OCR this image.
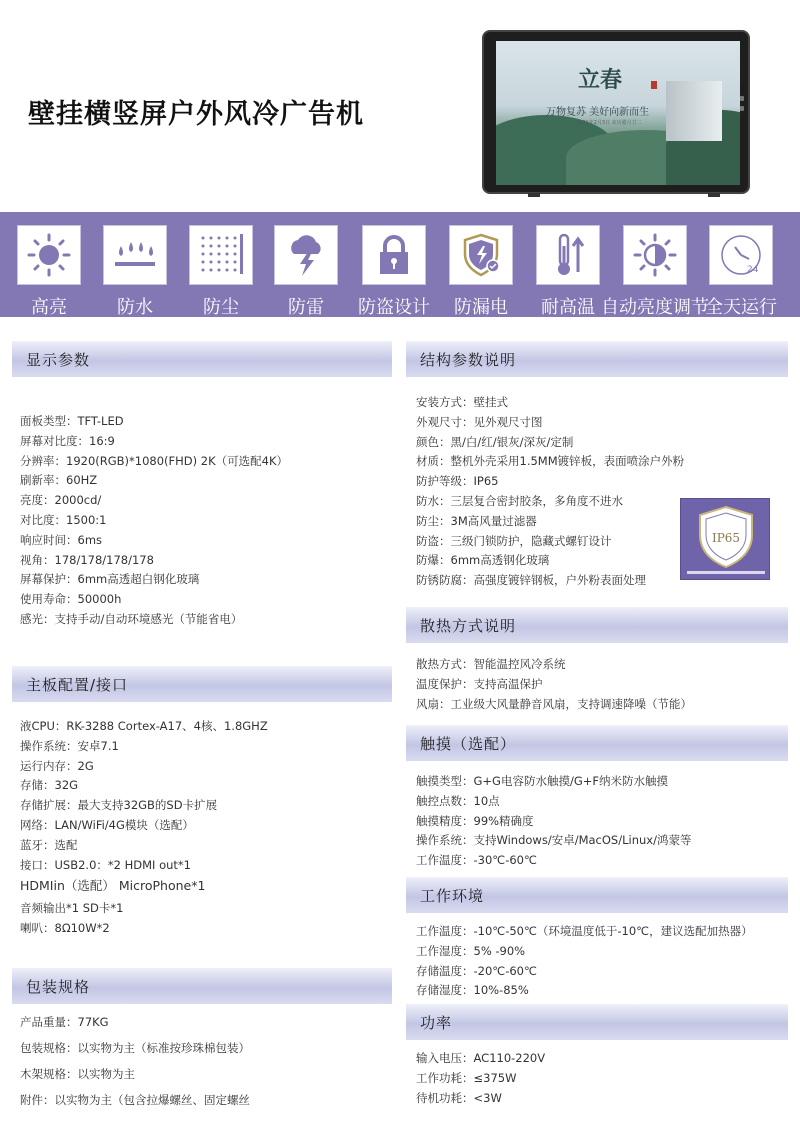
壁挂横竖屏户外风冷广告机
立春
万物复苏 美好向新而生
2021年2月3日 农历腊月廿二
高亮	防水	防尘	防雷 防盗设计 防漏电 耐高温 自动亮度调节
24
全天运行
显示参数
面板类型：TFT-LED
屏幕对比度：16:9
分辨率：1920(RGB)*1080(FHD) 2K（可选配4K）
刷新率：60HZ
亮度：2000cd/
对比度：1500:1
响应时间：6ms
视角：178/178/178/178
屏幕保护：6mm高透超白钢化玻璃
使用寿命：50000h
感光：支持手动/自动环境感光（节能省电）
主板配置/接口
液CPU：RK-3288 Cortex-A17、4核、1.8GHZ
操作系统：安卓7.1
运行内存：2G
存储：32G
存储扩展：最大支持32GB的SD卡扩展
网络：LAN/WiFi/4G模块（选配）
蓝牙：选配
接口：USB2.0：*2 HDMI out*1
HDMIin（选配） MicroPhone*1
音频输出*1 SD卡*1
喇叭：8Ω10W*2
包装规格
产品重量：77KG
包装规格：以实物为主（标准按珍珠棉包装）
木架规格：以实物为主
附件：以实物为主（包含拉爆螺丝、固定螺丝
结构参数说明
安装方式：壁挂式
外观尺寸：见外观尺寸图
颜色：黑/白/红/银灰/深灰/定制
材质：整机外壳采用1.5MM镀锌板，表面喷涂户外粉
防护等级：IP65
防水：三层复合密封胶条，多角度不进水
防尘：3M高风量过滤器
防盗：三级门锁防护，隐藏式螺钉设计
防爆：6mm高透钢化玻璃
防锈防腐：高强度镀锌钢板，户外粉表面处理
IP65
散热方式说明
散热方式：智能温控风冷系统
温度保护：支持高温保护
风扇：工业级大风量静音风扇，支持调速降噪（节能）
触摸（选配）
触摸类型：G+G电容防水触摸/G+F纳米防水触摸
触控点数：10点
触摸精度：99%精确度
操作系统：支持Windows/安卓/MacOS/Linux/鸿蒙等
工作温度：-30℃-60℃
工作环境
工作温度：-10℃-50℃（环境温度低于-10℃，建议选配加热器）
工作湿度：5% -90%
存储温度：-20℃-60℃
存储湿度：10%-85%
功率
输入电压：AC110-220V
工作功耗：≤375W
待机功耗：<3W
